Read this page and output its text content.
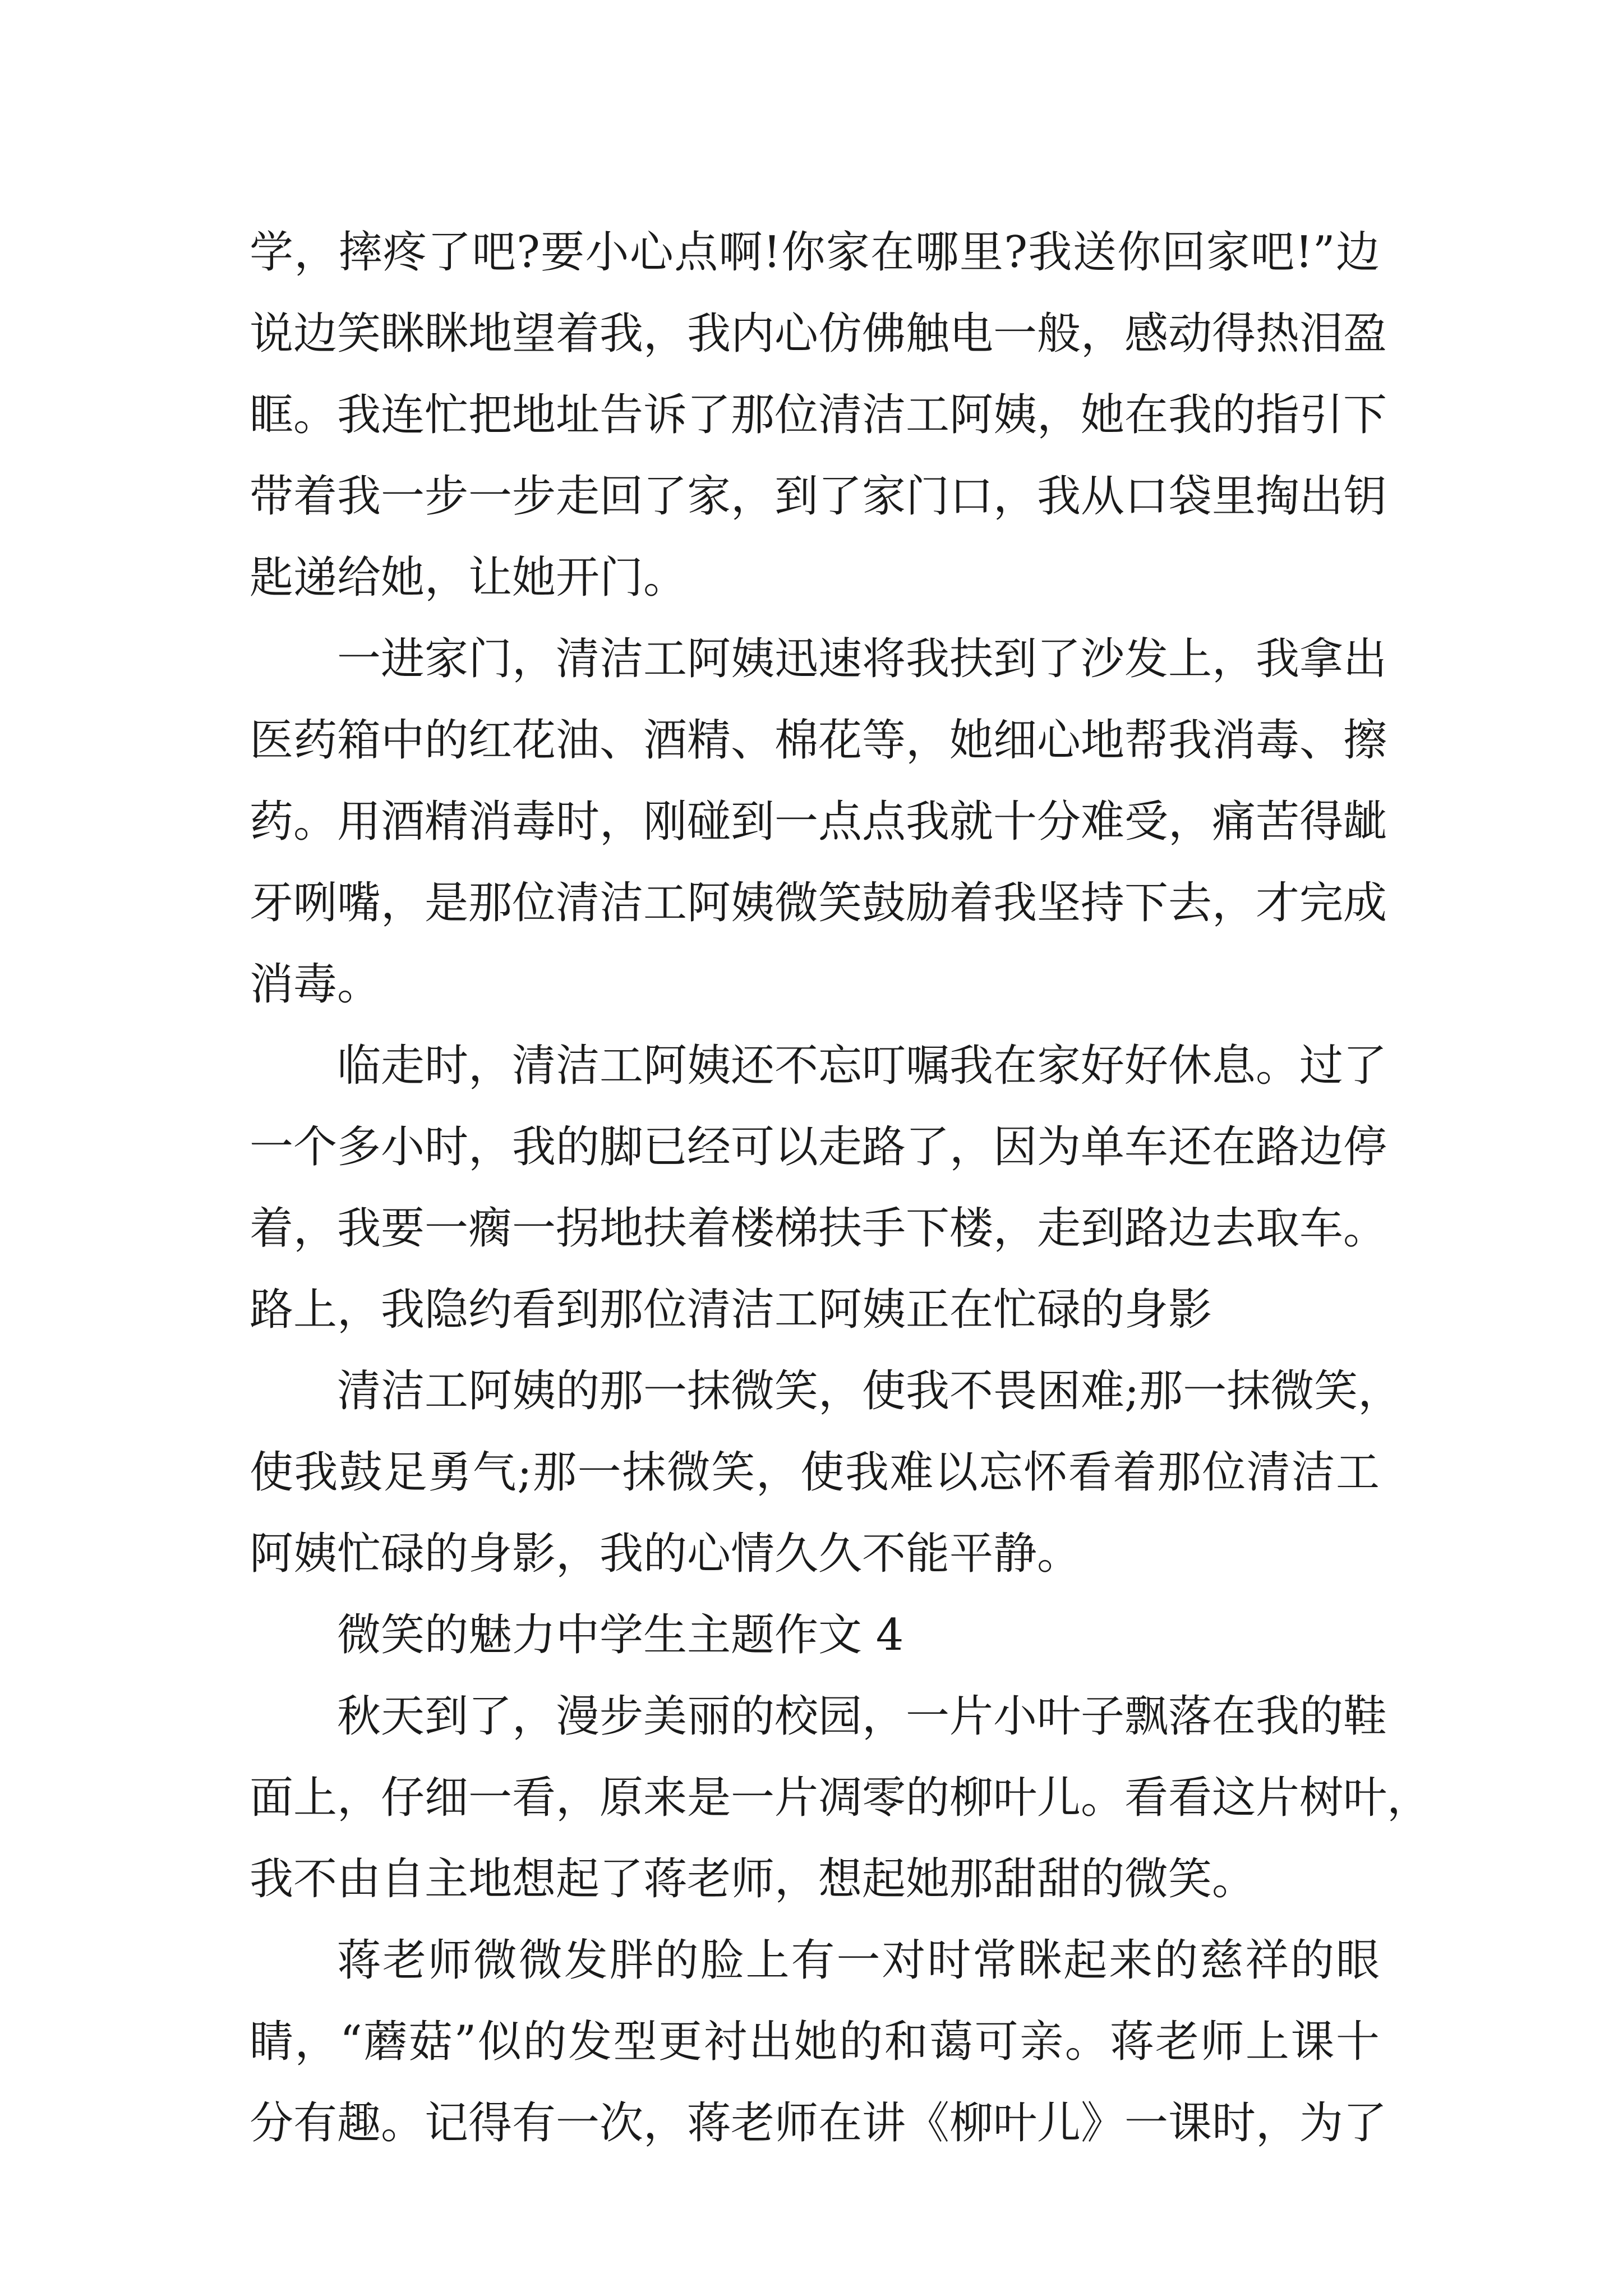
学，摔疼了吧?要小心点啊!你家在哪里?我送你回家吧!”边
说边笑眯眯地望着我，我内心仿佛触电一般，感动得热泪盈
眶。我连忙把地址告诉了那位清洁工阿姨，她在我的指引下
带着我一步一步走回了家，到了家门口，我从口袋里掏出钥
匙递给她，让她开门。
一进家门，清洁工阿姨迅速将我扶到了沙发上，我拿出
医药箱中的红花油、酒精、棉花等，她细心地帮我消毒、擦
药。用酒精消毒时，刚碰到一点点我就十分难受，痛苦得龇
牙咧嘴，是那位清洁工阿姨微笑鼓励着我坚持下去，才完成
消毒。
临走时，清洁工阿姨还不忘叮嘱我在家好好休息。过了
一个多小时，我的脚已经可以走路了，因为单车还在路边停
着，我要一瘸一拐地扶着楼梯扶手下楼，走到路边去取车。
路上，我隐约看到那位清洁工阿姨正在忙碌的身影
清洁工阿姨的那一抹微笑，使我不畏困难;那一抹微笑，
使我鼓足勇气;那一抹微笑，使我难以忘怀看着那位清洁工
阿姨忙碌的身影，我的心情久久不能平静。
微笑的魅力中学生主题作文 4
秋天到了，漫步美丽的校园，一片小叶子飘落在我的鞋
面上，仔细一看，原来是一片凋零的柳叶儿。看看这片树叶，
我不由自主地想起了蒋老师，想起她那甜甜的微笑。
蒋老师微微发胖的脸上有一对时常眯起来的慈祥的眼
睛，“蘑菇”似的发型更衬出她的和蔼可亲。蒋老师上课十
分有趣。记得有一次，蒋老师在讲《柳叶儿》一课时，为了
